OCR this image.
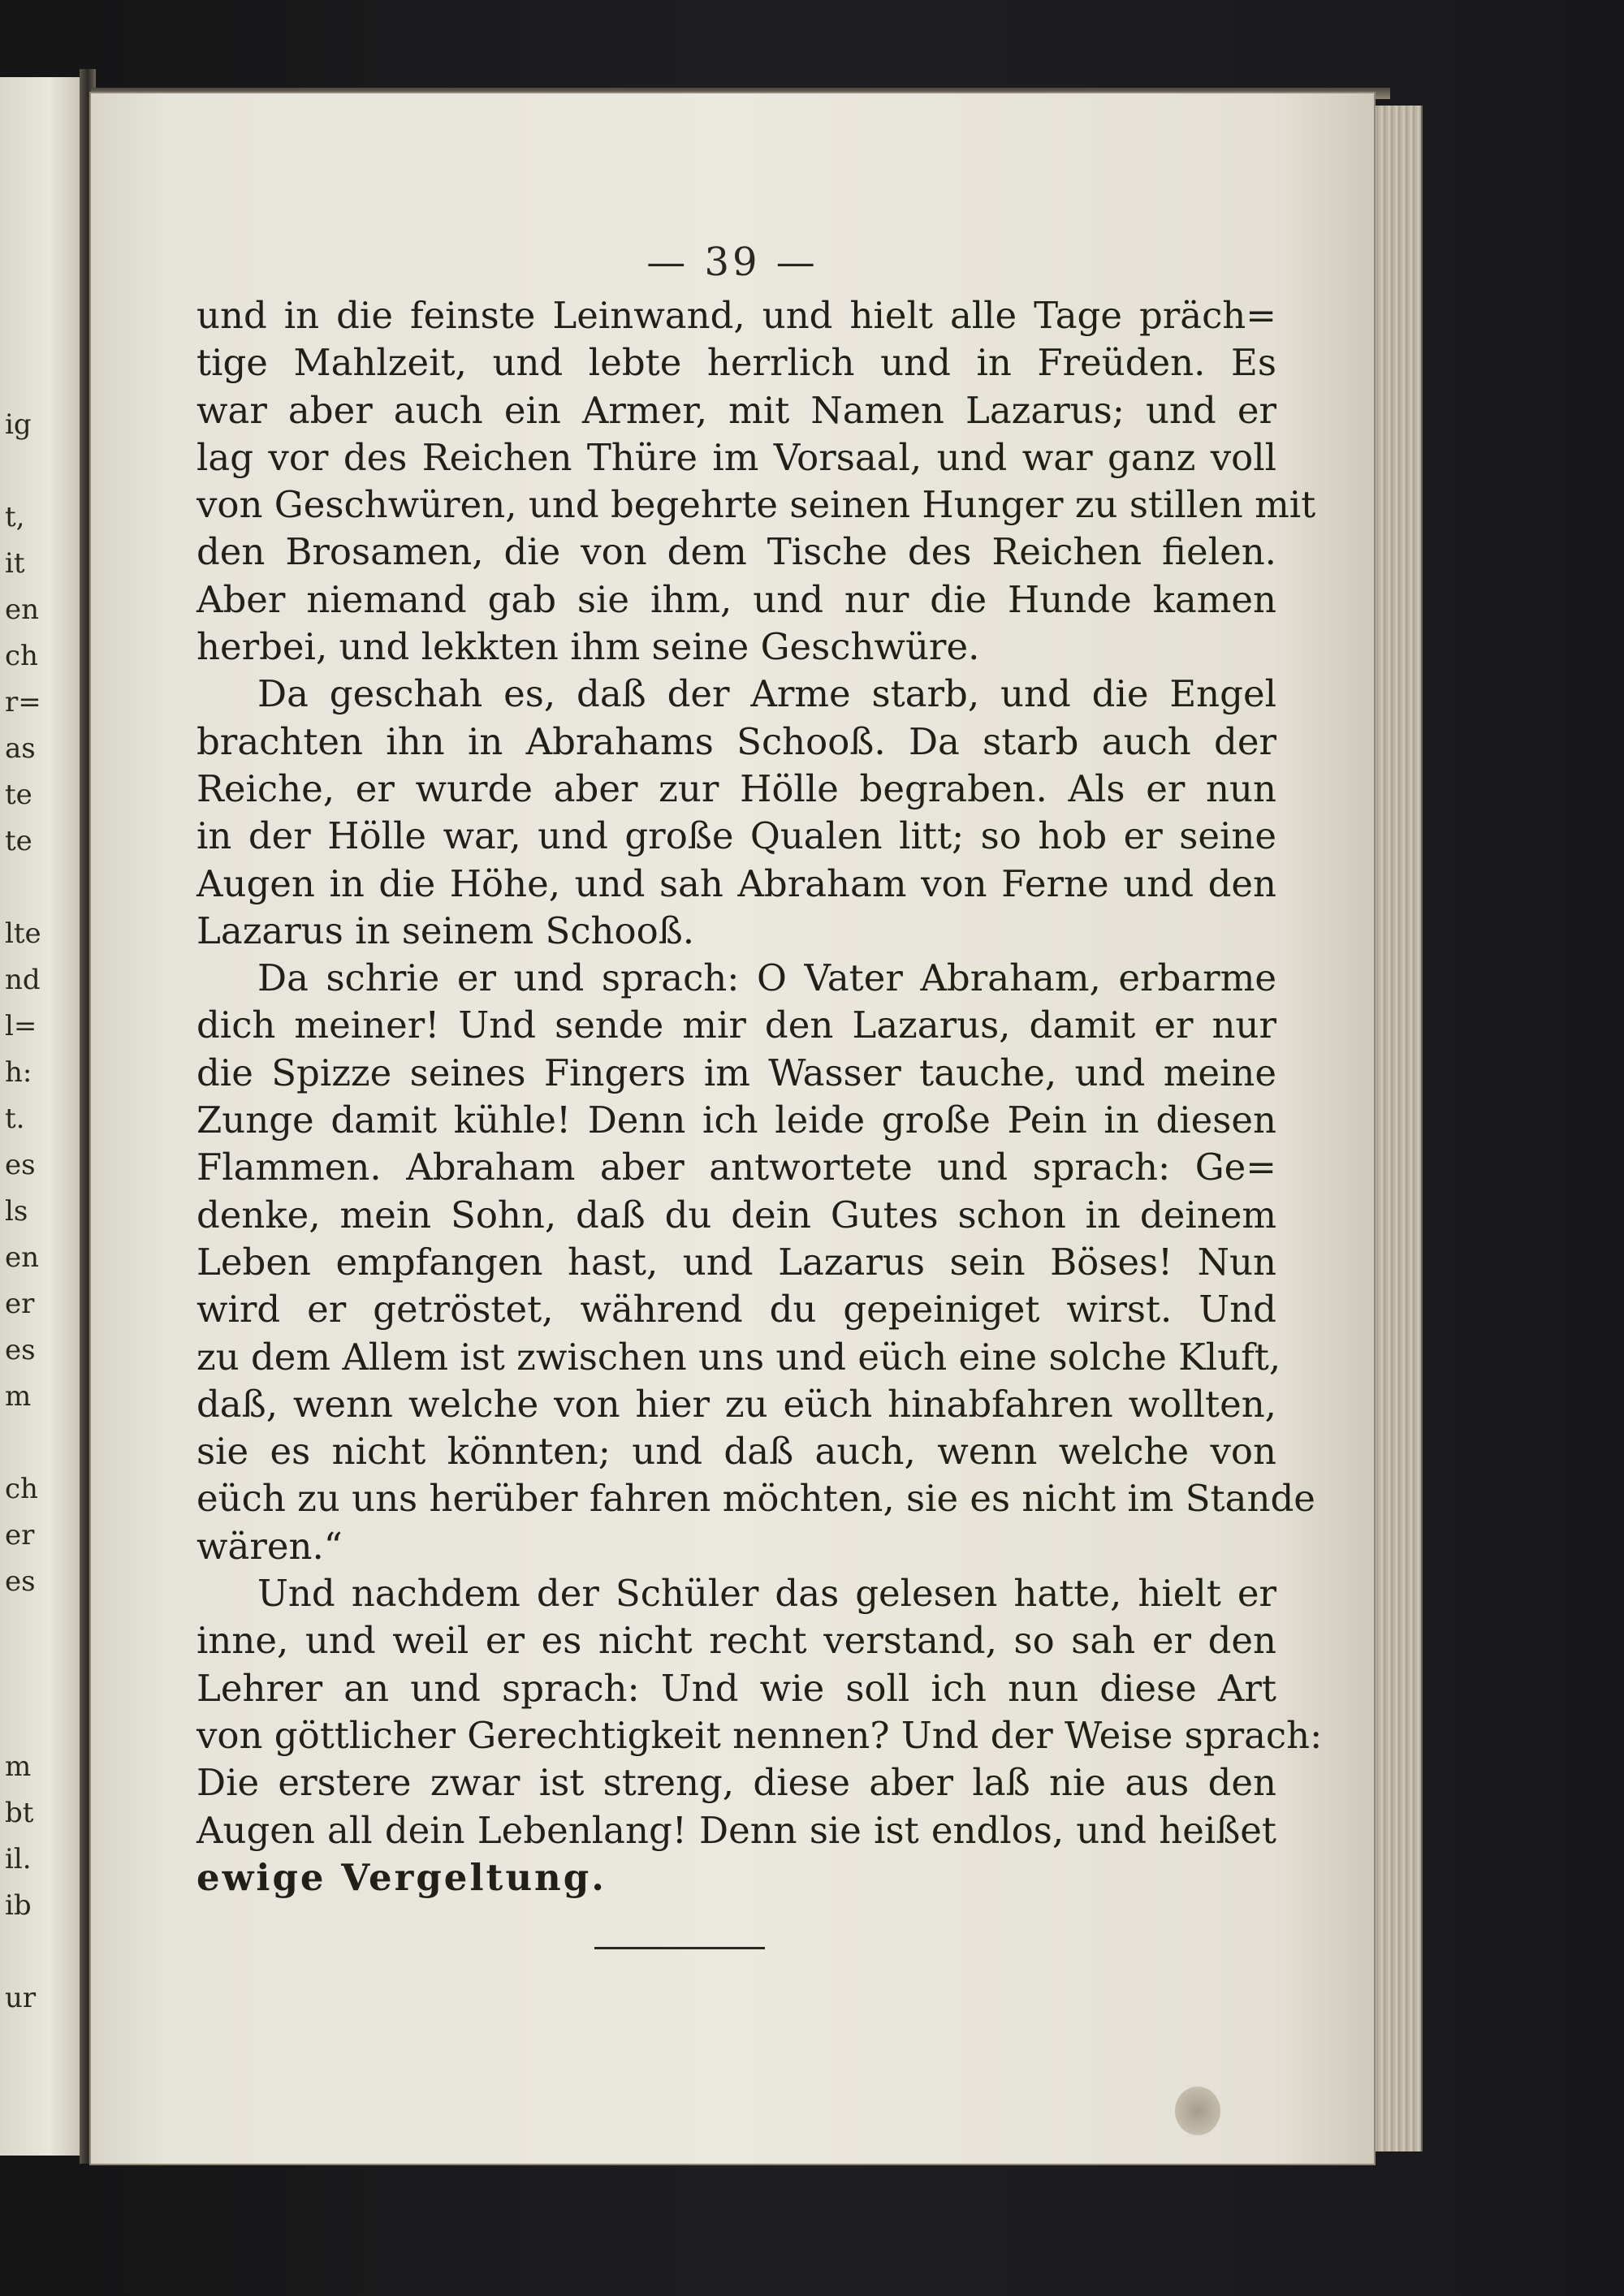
ig
t,
it
en
ch
r=
as
te
te
lte
nd
l=
h:
t.
es
ls
en
er
es
m
ch
er
es
m
bt
il.
ib
ur
— 39 —
und in die feinste Leinwand, und hielt alle Tage präch=
tige Mahlzeit, und lebte herrlich und in Freüden. Es
war aber auch ein Armer, mit Namen Lazarus; und er
lag vor des Reichen Thüre im Vorsaal, und war ganz voll
von Geschwüren, und begehrte seinen Hunger zu stillen mit
den Brosamen, die von dem Tische des Reichen fielen.
Aber niemand gab sie ihm, und nur die Hunde kamen
herbei, und lekkten ihm seine Geschwüre.
Da geschah es, daß der Arme starb, und die Engel
brachten ihn in Abrahams Schooß. Da starb auch der
Reiche, er wurde aber zur Hölle begraben. Als er nun
in der Hölle war, und große Qualen litt; so hob er seine
Augen in die Höhe, und sah Abraham von Ferne und den
Lazarus in seinem Schooß.
Da schrie er und sprach: O Vater Abraham, erbarme
dich meiner! Und sende mir den Lazarus, damit er nur
die Spizze seines Fingers im Wasser tauche, und meine
Zunge damit kühle! Denn ich leide große Pein in diesen
Flammen. Abraham aber antwortete und sprach: Ge=
denke, mein Sohn, daß du dein Gutes schon in deinem
Leben empfangen hast, und Lazarus sein Böses! Nun
wird er getröstet, während du gepeiniget wirst. Und
zu dem Allem ist zwischen uns und eüch eine solche Kluft,
daß, wenn welche von hier zu eüch hinabfahren wollten,
sie es nicht könnten; und daß auch, wenn welche von
eüch zu uns herüber fahren möchten, sie es nicht im Stande
wären.“
Und nachdem der Schüler das gelesen hatte, hielt er
inne, und weil er es nicht recht verstand, so sah er den
Lehrer an und sprach: Und wie soll ich nun diese Art
von göttlicher Gerechtigkeit nennen? Und der Weise sprach:
Die erstere zwar ist streng, diese aber laß nie aus den
Augen all dein Lebenlang! Denn sie ist endlos, und heißet
ewige Vergeltung.
